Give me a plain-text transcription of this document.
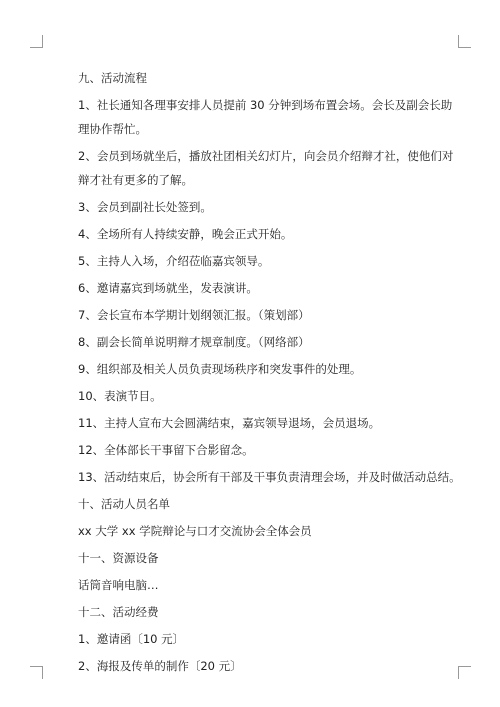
九、活动流程

1、社长通知各理事安排人员提前 30 分钟到场布置会场。会长及副会长助理协作帮忙。

2、会员到场就坐后，播放社团相关幻灯片，向会员介绍辩才社，使他们对辩才社有更多的了解。

3、会员到副社长处签到。

4、全场所有人持续安静，晚会正式开始。

5、主持人入场，介绍莅临嘉宾领导。

6、邀请嘉宾到场就坐，发表演讲。

7、会长宣布本学期计划纲领汇报。（策划部）

8、副会长简单说明辩才规章制度。（网络部）

9、组织部及相关人员负责现场秩序和突发事件的处理。

10、表演节目。

11、主持人宣布大会圆满结束，嘉宾领导退场，会员退场。

12、全体部长干事留下合影留念。

13、活动结束后，协会所有干部及干事负责清理会场，并及时做活动总结。

十、活动人员名单

xx 大学 xx 学院辩论与口才交流协会全体会员

十一、资源设备

话筒音响电脑…

十二、活动经费

1、邀请函〔10 元〕

2、海报及传单的制作〔20 元〕
